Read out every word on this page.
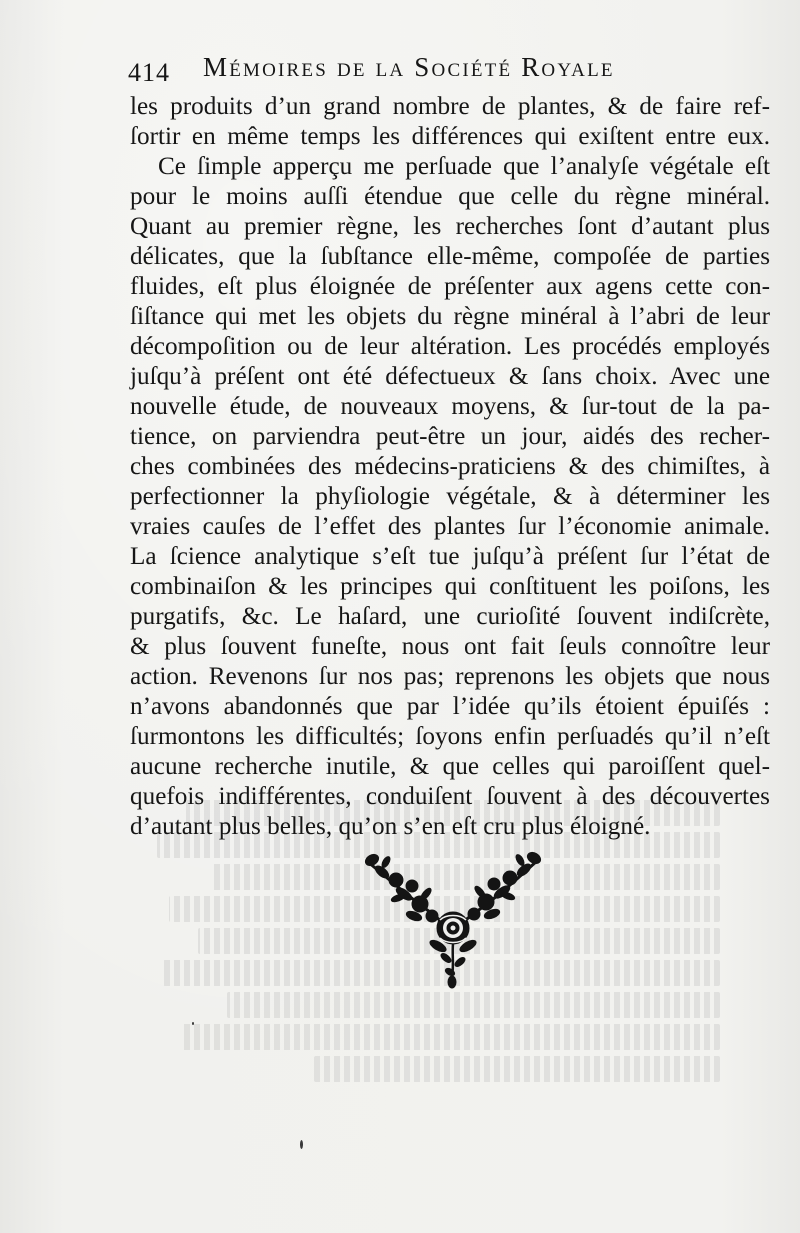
414 Mémoires de la Société Royale
les produits d’un grand nombre de plantes, & de faire ref-
ſortir en même temps les différences qui exiſtent entre eux.
Ce ſimple apperçu me perſuade que l’analyſe végétale eſt
pour le moins auſſi étendue que celle du règne minéral.
Quant au premier règne, les recherches ſont d’autant plus
délicates, que la ſubſtance elle-même, compoſée de parties
fluides, eſt plus éloignée de préſenter aux agens cette con-
ſiſtance qui met les objets du règne minéral à l’abri de leur
décompoſition ou de leur altération. Les procédés employés
juſqu’à préſent ont été défectueux & ſans choix. Avec une
nouvelle étude, de nouveaux moyens, & ſur-tout de la pa-
tience, on parviendra peut-être un jour, aidés des recher-
ches combinées des médecins-praticiens & des chimiſtes, à
perfectionner la phyſiologie végétale, & à déterminer les
vraies cauſes de l’effet des plantes ſur l’économie animale.
La ſcience analytique s’eſt tue juſqu’à préſent ſur l’état de
combinaiſon & les principes qui conſtituent les poiſons, les
purgatifs, &c. Le haſard, une curioſité ſouvent indiſcrète,
& plus ſouvent funeſte, nous ont fait ſeuls connoître leur
action. Revenons ſur nos pas; reprenons les objets que nous
n’avons abandonnés que par l’idée qu’ils étoient épuiſés :
ſurmontons les difficultés; ſoyons enfin perſuadés qu’il n’eſt
aucune recherche inutile, & que celles qui paroiſſent quel-
quefois indifférentes, conduiſent ſouvent à des découvertes
d’autant plus belles, qu’on s’en eſt cru plus éloigné.
